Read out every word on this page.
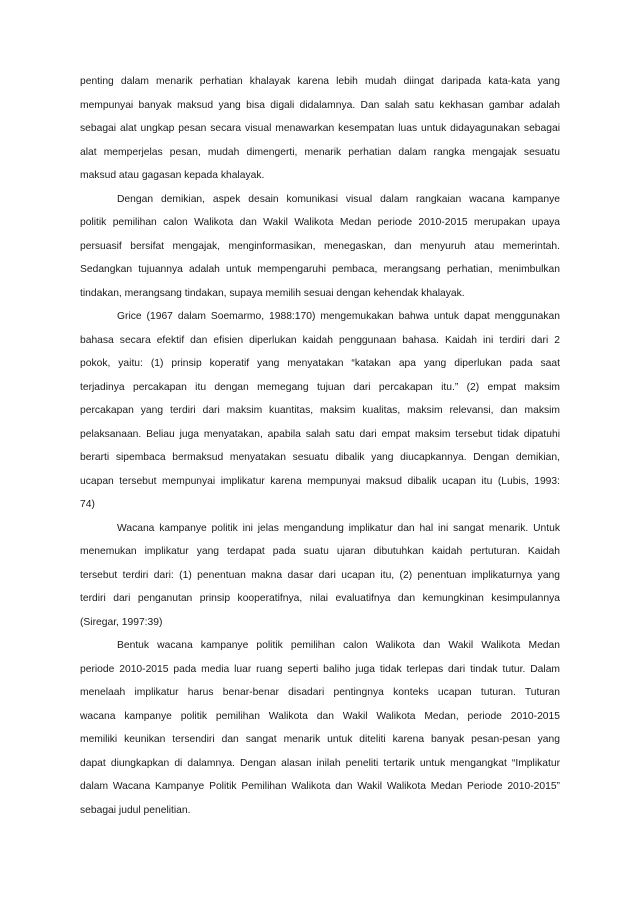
penting dalam menarik perhatian khalayak karena lebih mudah diingat daripada kata-kata yang
mempunyai banyak maksud yang bisa digali didalamnya. Dan salah satu kekhasan gambar adalah
sebagai alat ungkap pesan secara visual menawarkan kesempatan luas untuk didayagunakan sebagai
alat memperjelas pesan, mudah dimengerti, menarik perhatian dalam rangka mengajak sesuatu
maksud atau gagasan kepada khalayak.
Dengan demikian, aspek desain komunikasi visual dalam rangkaian wacana kampanye
politik pemilihan calon Walikota dan Wakil Walikota Medan periode 2010-2015 merupakan upaya
persuasif bersifat mengajak, menginformasikan, menegaskan, dan menyuruh atau memerintah.
Sedangkan tujuannya adalah untuk mempengaruhi pembaca, merangsang perhatian, menimbulkan
tindakan, merangsang tindakan, supaya memilih sesuai dengan kehendak khalayak.
Grice (1967 dalam Soemarmo, 1988:170) mengemukakan bahwa untuk dapat menggunakan
bahasa secara efektif dan efisien diperlukan kaidah penggunaan bahasa. Kaidah ini terdiri dari 2
pokok, yaitu: (1) prinsip koperatif yang menyatakan “katakan apa yang diperlukan pada saat
terjadinya percakapan itu dengan memegang tujuan dari percakapan itu.” (2) empat maksim
percakapan yang terdiri dari maksim kuantitas, maksim kualitas, maksim relevansi, dan maksim
pelaksanaan. Beliau juga menyatakan, apabila salah satu dari empat maksim tersebut tidak dipatuhi
berarti sipembaca bermaksud menyatakan sesuatu dibalik yang diucapkannya. Dengan demikian,
ucapan tersebut mempunyai implikatur karena mempunyai maksud dibalik ucapan itu (Lubis, 1993:
74)
Wacana kampanye politik ini jelas mengandung implikatur dan hal ini sangat menarik. Untuk
menemukan implikatur yang terdapat pada suatu ujaran dibutuhkan kaidah pertuturan. Kaidah
tersebut terdiri dari: (1) penentuan makna dasar dari ucapan itu, (2) penentuan implikaturnya yang
terdiri dari penganutan prinsip kooperatifnya, nilai evaluatifnya dan kemungkinan kesimpulannya
(Siregar, 1997:39)
Bentuk wacana kampanye politik pemilihan calon Walikota dan Wakil Walikota Medan
periode 2010-2015 pada media luar ruang seperti baliho juga tidak terlepas dari tindak tutur. Dalam
menelaah implikatur harus benar-benar disadari pentingnya konteks ucapan tuturan. Tuturan
wacana kampanye politik pemilihan Walikota dan Wakil Walikota Medan, periode 2010-2015
memiliki keunikan tersendiri dan sangat menarik untuk diteliti karena banyak pesan-pesan yang
dapat diungkapkan di dalamnya. Dengan alasan inilah peneliti tertarik untuk mengangkat “Implikatur
dalam Wacana Kampanye Politik Pemilihan Walikota dan Wakil Walikota Medan Periode 2010-2015”
sebagai judul penelitian.
